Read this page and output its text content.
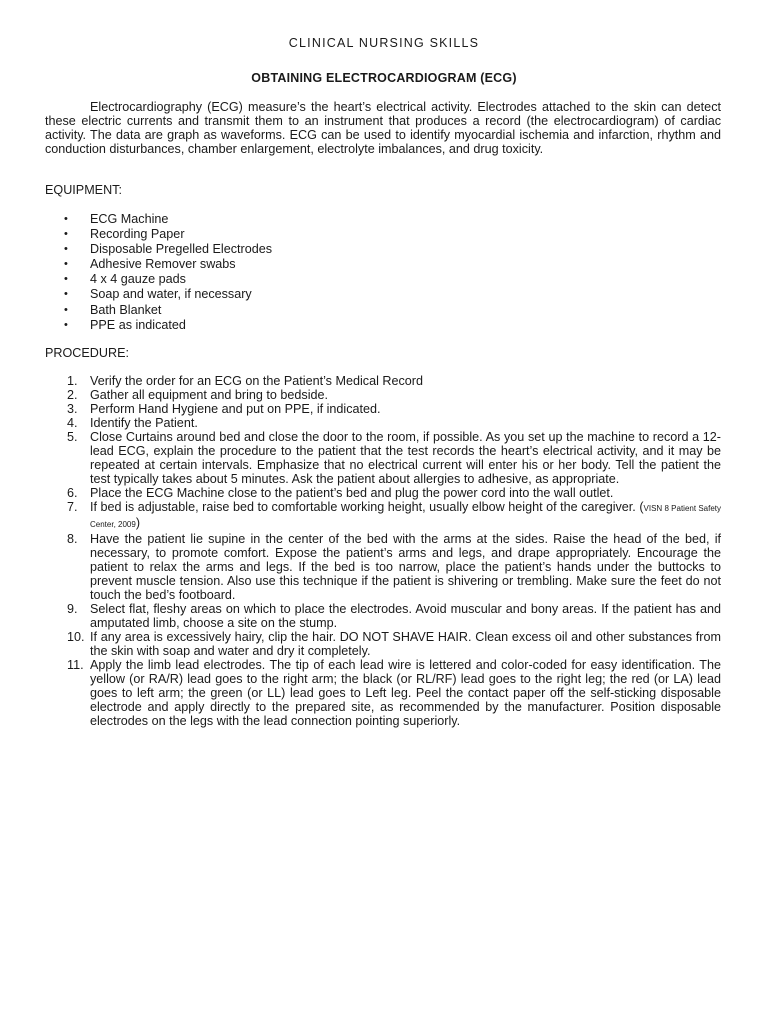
CLINICAL NURSING SKILLS
OBTAINING ELECTROCARDIOGRAM (ECG)
Electrocardiography (ECG) measure’s the heart’s electrical activity. Electrodes attached to the skin can detect these electric currents and transmit them to an instrument that produces a record (the electrocardiogram) of cardiac activity. The data are graph as waveforms. ECG can be used to identify myocardial ischemia and infarction, rhythm and conduction disturbances, chamber enlargement, electrolyte imbalances, and drug toxicity.
EQUIPMENT:
• ECG Machine
• Recording Paper
• Disposable Pregelled Electrodes
• Adhesive Remover swabs
• 4 x 4 gauze pads
• Soap and water, if necessary
• Bath Blanket
• PPE as indicated
PROCEDURE:
1. Verify the order for an ECG on the Patient’s Medical Record
2. Gather all equipment and bring to bedside.
3. Perform Hand Hygiene and put on PPE, if indicated.
4. Identify the Patient.
5. Close Curtains around bed and close the door to the room, if possible. As you set up the machine to record a 12-lead ECG, explain the procedure to the patient that the test records the heart’s electrical activity, and it may be repeated at certain intervals. Emphasize that no electrical current will enter his or her body. Tell the patient the test typically takes about 5 minutes. Ask the patient about allergies to adhesive, as appropriate.
6. Place the ECG Machine close to the patient’s bed and plug the power cord into the wall outlet.
7. If bed is adjustable, raise bed to comfortable working height, usually elbow height of the caregiver. (VISN 8 Patient Safety Center, 2009)
8. Have the patient lie supine in the center of the bed with the arms at the sides. Raise the head of the bed, if necessary, to promote comfort. Expose the patient’s arms and legs, and drape appropriately. Encourage the patient to relax the arms and legs. If the bed is too narrow, place the patient’s hands under the buttocks to prevent muscle tension. Also use this technique if the patient is shivering or trembling. Make sure the feet do not touch the bed’s footboard.
9. Select flat, fleshy areas on which to place the electrodes. Avoid muscular and bony areas. If the patient has and amputated limb, choose a site on the stump.
10. If any area is excessively hairy, clip the hair. DO NOT SHAVE HAIR. Clean excess oil and other substances from the skin with soap and water and dry it completely.
11. Apply the limb lead electrodes. The tip of each lead wire is lettered and color-coded for easy identification. The yellow (or RA/R) lead goes to the right arm; the black (or RL/RF) lead goes to the right leg; the red (or LA) lead goes to left arm; the green (or LL) lead goes to Left leg. Peel the contact paper off the self-sticking disposable electrode and apply directly to the prepared site, as recommended by the manufacturer. Position disposable electrodes on the legs with the lead connection pointing superiorly.
